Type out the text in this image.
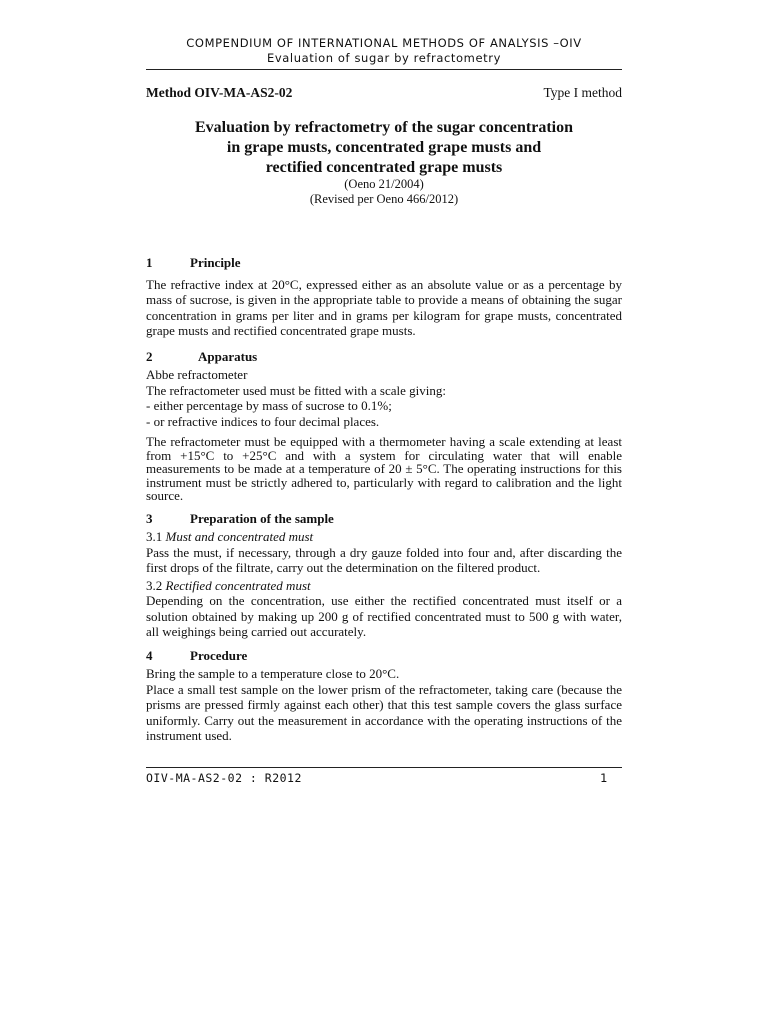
COMPENDIUM OF INTERNATIONAL METHODS OF ANALYSIS –OIV
Evaluation of sugar by refractometry
Method OIV-MA-AS2-02	Type I method
Evaluation by refractometry of the sugar concentration
in grape musts, concentrated grape musts and
rectified concentrated grape musts
(Oeno 21/2004)
(Revised per Oeno 466/2012)
1	Principle

The refractive index at 20°C, expressed either as an absolute value or as a percentage by mass of sucrose, is given in the appropriate table to provide a means of obtaining the sugar concentration in grams per liter and in grams per kilogram for grape musts, concentrated grape musts and rectified concentrated grape musts.

2	Apparatus
Abbe refractometer
The refractometer used must be fitted with a scale giving:
- either percentage by mass of sucrose to 0.1%;
- or refractive indices to four decimal places.

The refractometer must be equipped with a thermometer having a scale extending at least from +15°C to +25°C and with a system for circulating water that will enable measurements to be made at a temperature of 20 ± 5°C. The operating instructions for this instrument must be strictly adhered to, particularly with regard to calibration and the light source.

3	Preparation of the sample
3.1 Must and concentrated must

Pass the must, if necessary, through a dry gauze folded into four and, after discarding the first drops of the filtrate, carry out the determination on the filtered product.

3.2 Rectified concentrated must

Depending on the concentration, use either the rectified concentrated must itself or a solution obtained by making up 200 g of rectified concentrated must to 500 g with water, all weighings being carried out accurately.

4	Procedure
Bring the sample to a temperature close to 20°C.

Place a small test sample on the lower prism of the refractometer, taking care (because the prisms are pressed firmly against each other) that this test sample covers the glass surface uniformly. Carry out the measurement in accordance with the operating instructions of the instrument used.

OIV-MA-AS2-02 : R2012	1
